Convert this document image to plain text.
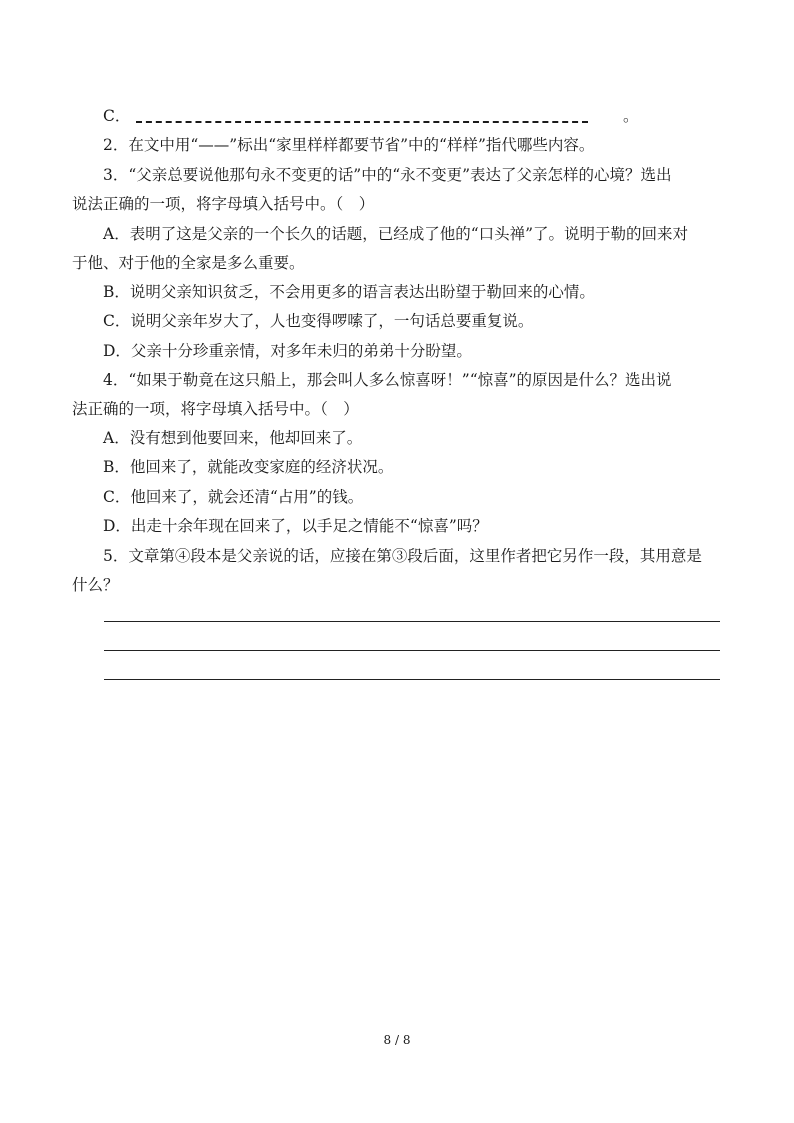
C．	。
2．在文中用“——”标出“家里样样都要节省”中的“样样”指代哪些内容。
3．“父亲总要说他那句永不变更的话”中的“永不变更”表达了父亲怎样的心境？选出
说法正确的一项，将字母填入括号中。（　）
A．表明了这是父亲的一个长久的话题，已经成了他的“口头禅”了。说明于勒的回来对
于他、对于他的全家是多么重要。
B．说明父亲知识贫乏，不会用更多的语言表达出盼望于勒回来的心情。
C．说明父亲年岁大了，人也变得啰嗦了，一句话总要重复说。
D．父亲十分珍重亲情，对多年未归的弟弟十分盼望。
4．“如果于勒竟在这只船上，那会叫人多么惊喜呀！”“惊喜”的原因是什么？选出说
法正确的一项，将字母填入括号中。（　）
A．没有想到他要回来，他却回来了。
B．他回来了，就能改变家庭的经济状况。
C．他回来了，就会还清“占用”的钱。
D．出走十余年现在回来了，以手足之情能不“惊喜”吗？
5．文章第④段本是父亲说的话，应接在第③段后面，这里作者把它另作一段，其用意是
什么？
8 / 8
